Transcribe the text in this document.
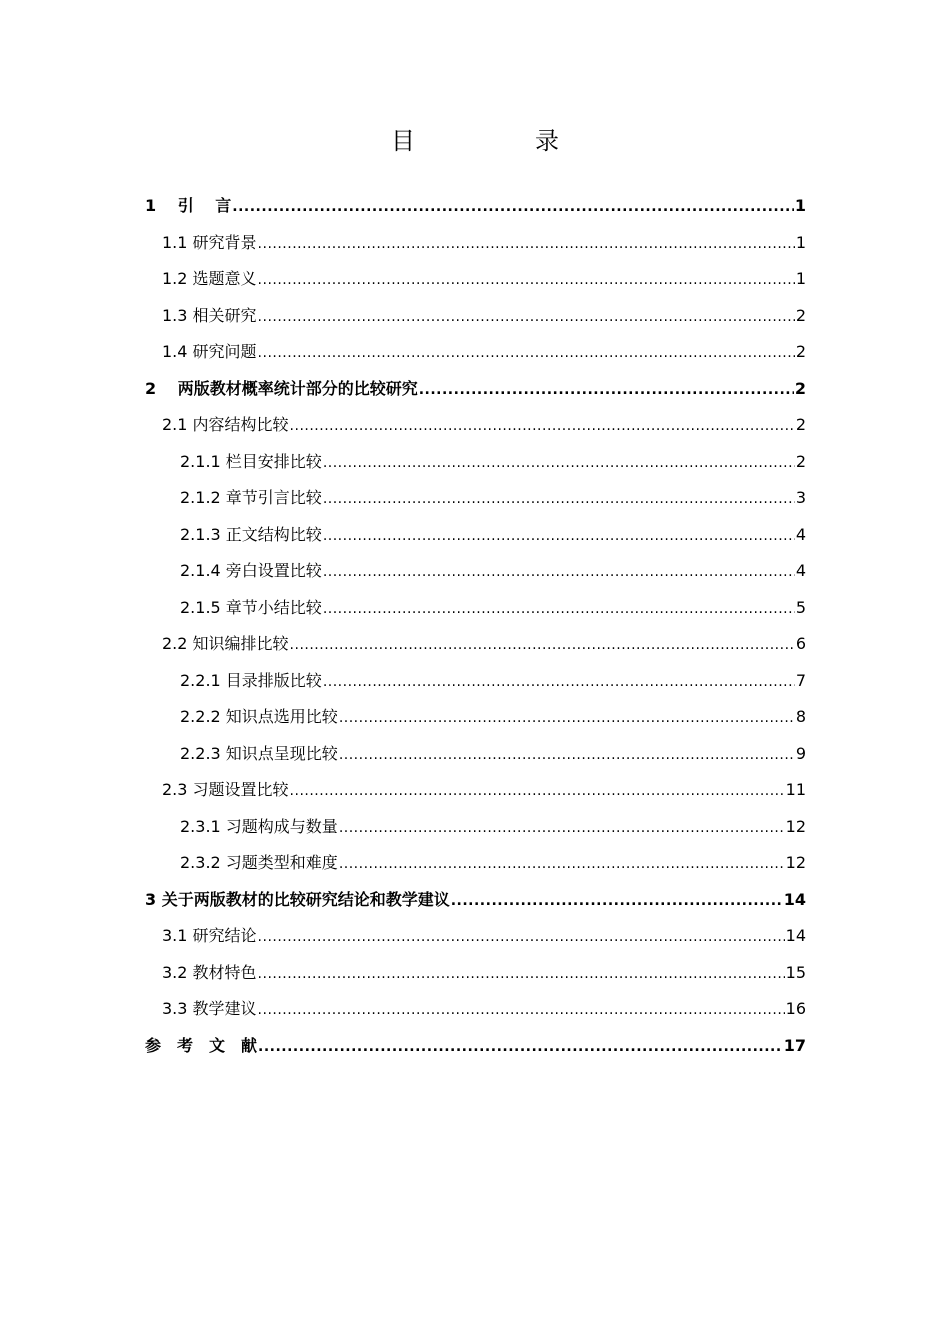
目　录
1　 引　 言 .....	1
1.1 研究背景 .....	1
1.2 选题意义 .....	1
1.3 相关研究 .....	2
1.4 研究问题 .....	2
2　 两版教材概率统计部分的比较研究 .....	2
2.1 内容结构比较 .....	2
2.1.1 栏目安排比较 .....	2
2.1.2 章节引言比较 .....	3
2.1.3 正文结构比较 .....	4
2.1.4 旁白设置比较 .....	4
2.1.5 章节小结比较 .....	5
2.2 知识编排比较 .....	6
2.2.1 目录排版比较 .....	7
2.2.2 知识点选用比较 .....	8
2.2.3 知识点呈现比较 .....	9
2.3 习题设置比较 .....	11
2.3.1 习题构成与数量 .....	12
2.3.2 习题类型和难度 .....	12
3 关于两版教材的比较研究结论和教学建议 .....	14
3.1 研究结论 .....	14
3.2 教材特色 .....	15
3.3 教学建议 .....	16
参　考　文　献 .....	17
